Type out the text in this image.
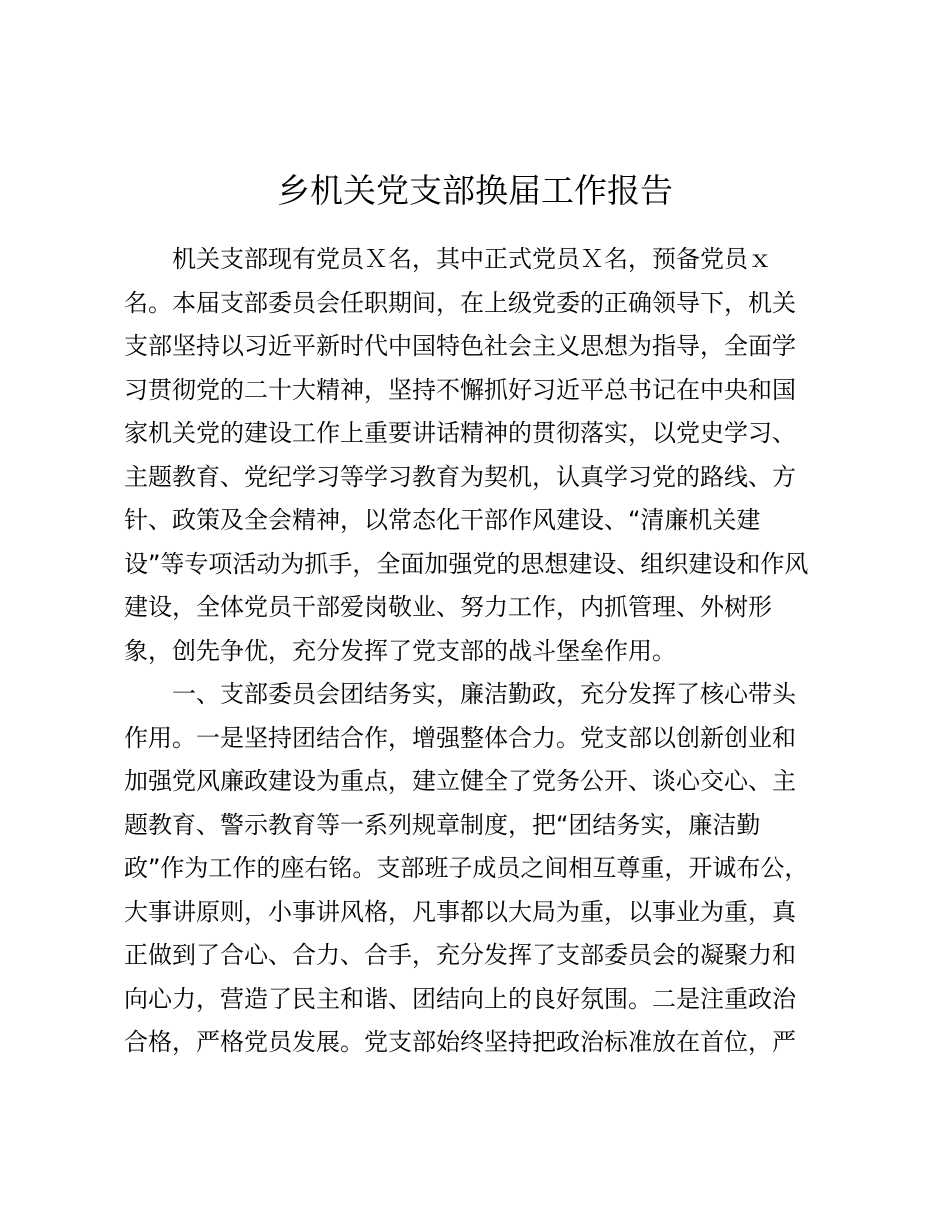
乡机关党支部换届工作报告
机关支部现有党员Ｘ名，其中正式党员Ｘ名，预备党员ｘ
名。本届支部委员会任职期间，在上级党委的正确领导下，机关
支部坚持以习近平新时代中国特色社会主义思想为指导，全面学
习贯彻党的二十大精神，坚持不懈抓好习近平总书记在中央和国
家机关党的建设工作上重要讲话精神的贯彻落实，以党史学习、
主题教育、党纪学习等学习教育为契机，认真学习党的路线、方
针、政策及全会精神，以常态化干部作风建设、“清廉机关建
设”等专项活动为抓手，全面加强党的思想建设、组织建设和作风
建设，全体党员干部爱岗敬业、努力工作，内抓管理、外树形
象，创先争优，充分发挥了党支部的战斗堡垒作用。
一、支部委员会团结务实，廉洁勤政，充分发挥了核心带头
作用。一是坚持团结合作，增强整体合力。党支部以创新创业和
加强党风廉政建设为重点，建立健全了党务公开、谈心交心、主
题教育、警示教育等一系列规章制度，把“团结务实，廉洁勤
政”作为工作的座右铭。支部班子成员之间相互尊重，开诚布公，
大事讲原则，小事讲风格，凡事都以大局为重，以事业为重，真
正做到了合心、合力、合手，充分发挥了支部委员会的凝聚力和
向心力，营造了民主和谐、团结向上的良好氛围。二是注重政治
合格，严格党员发展。党支部始终坚持把政治标准放在首位，严
